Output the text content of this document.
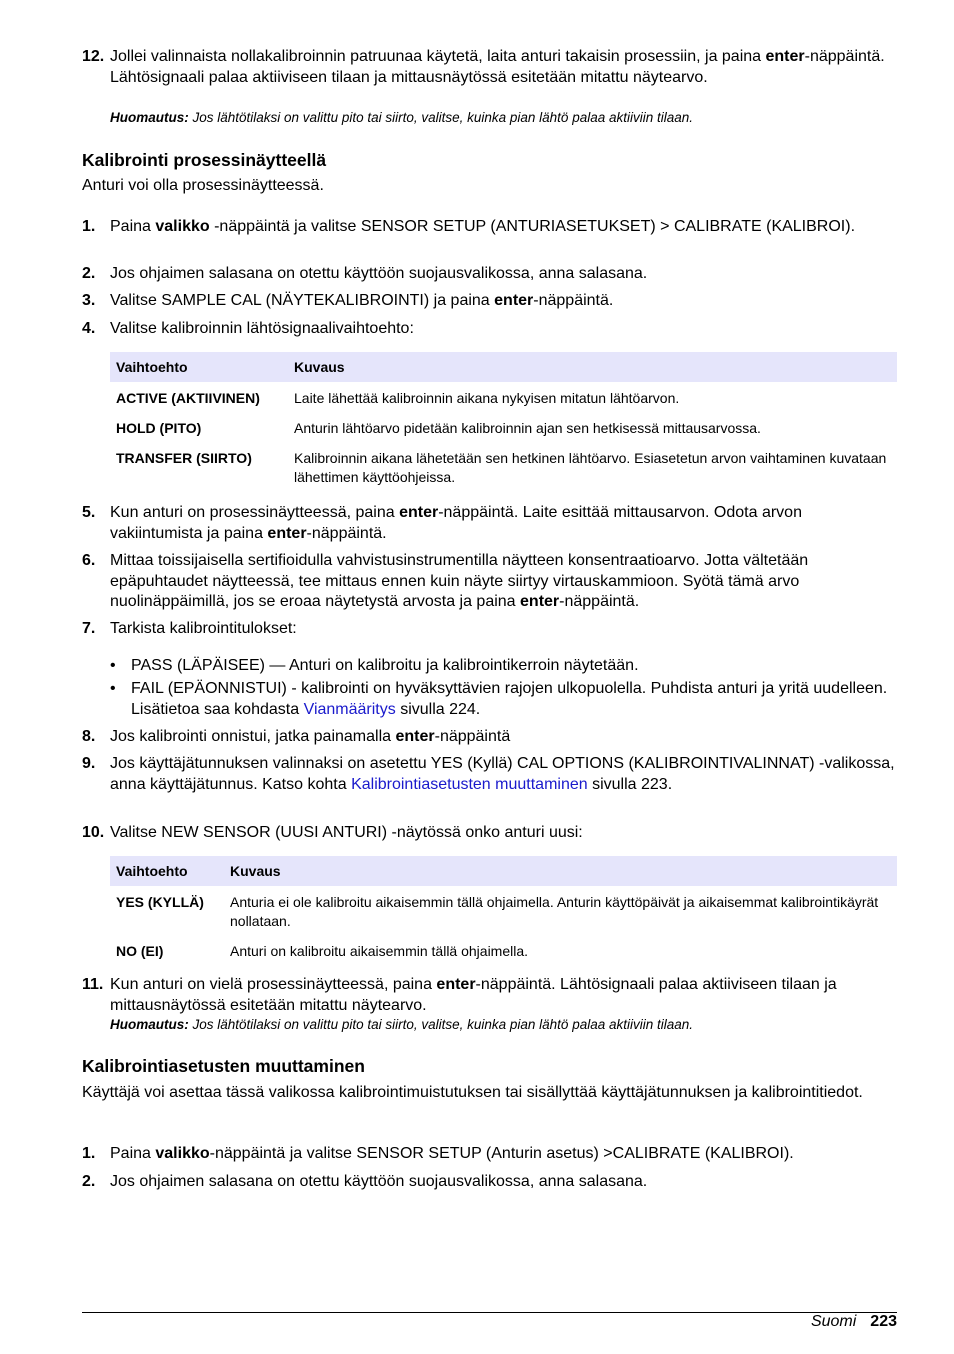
12. Jollei valinnaista nollakalibroinnin patruunaa käytetä, laita anturi takaisin prosessiin, ja paina enter-näppäintä. Lähtösignaali palaa aktiiviseen tilaan ja mittausnäytössä esitetään mitattu näytearvo.
Huomautus: Jos lähtötilaksi on valittu pito tai siirto, valitse, kuinka pian lähtö palaa aktiiviin tilaan.
Kalibrointi prosessinäytteellä
Anturi voi olla prosessinäytteessä.
1. Paina valikko -näppäintä ja valitse SENSOR SETUP (ANTURIASETUKSET) > CALIBRATE (KALIBROI).
2. Jos ohjaimen salasana on otettu käyttöön suojausvalikossa, anna salasana.
3. Valitse SAMPLE CAL (NÄYTEKALIBROINTI) ja paina enter-näppäintä.
4. Valitse kalibroinnin lähtösignaalivaihtoehto:
Vaihtoehto	Kuvaus
ACTIVE (AKTIIVINEN)	Laite lähettää kalibroinnin aikana nykyisen mitatun lähtöarvon.
HOLD (PITO)	Anturin lähtöarvo pidetään kalibroinnin ajan sen hetkisessä mittausarvossa.
TRANSFER (SIIRTO)	Kalibroinnin aikana lähetetään sen hetkinen lähtöarvo. Esiasetetun arvon vaihtaminen kuvataan lähettimen käyttöohjeissa.
5. Kun anturi on prosessinäytteessä, paina enter-näppäintä. Laite esittää mittausarvon. Odota arvon vakiintumista ja paina enter-näppäintä.
6. Mittaa toissijaisella sertifioidulla vahvistusinstrumentilla näytteen konsentraatioarvo. Jotta vältetään epäpuhtaudet näytteessä, tee mittaus ennen kuin näyte siirtyy virtauskammioon. Syötä tämä arvo nuolinäppäimillä, jos se eroaa näytetystä arvosta ja paina enter-näppäintä.
7. Tarkista kalibrointitulokset:
• PASS (LÄPÄISEE) — Anturi on kalibroitu ja kalibrointikerroin näytetään.
• FAIL (EPÄONNISTUI) - kalibrointi on hyväksyttävien rajojen ulkopuolella. Puhdista anturi ja yritä uudelleen. Lisätietoa saa kohdasta Vianmääritys sivulla 224.
8. Jos kalibrointi onnistui, jatka painamalla enter-näppäintä
9. Jos käyttäjätunnuksen valinnaksi on asetettu YES (Kyllä) CAL OPTIONS (KALIBROINTIVALINNAT) -valikossa, anna käyttäjätunnus. Katso kohta Kalibrointiasetusten muuttaminen sivulla 223.
10. Valitse NEW SENSOR (UUSI ANTURI) -näytössä onko anturi uusi:
Vaihtoehto	Kuvaus
YES (KYLLÄ)	Anturia ei ole kalibroitu aikaisemmin tällä ohjaimella. Anturin käyttöpäivät ja aikaisemmat kalibrointikäyrät nollataan.
NO (EI)	Anturi on kalibroitu aikaisemmin tällä ohjaimella.
11. Kun anturi on vielä prosessinäytteessä, paina enter-näppäintä. Lähtösignaali palaa aktiiviseen tilaan ja mittausnäytössä esitetään mitattu näytearvo.
Huomautus: Jos lähtötilaksi on valittu pito tai siirto, valitse, kuinka pian lähtö palaa aktiiviin tilaan.
Kalibrointiasetusten muuttaminen
Käyttäjä voi asettaa tässä valikossa kalibrointimuistutuksen tai sisällyttää käyttäjätunnuksen ja kalibrointitiedot.
1. Paina valikko-näppäintä ja valitse SENSOR SETUP (Anturin asetus) >CALIBRATE (KALIBROI).
2. Jos ohjaimen salasana on otettu käyttöön suojausvalikossa, anna salasana.
Suomi 223
